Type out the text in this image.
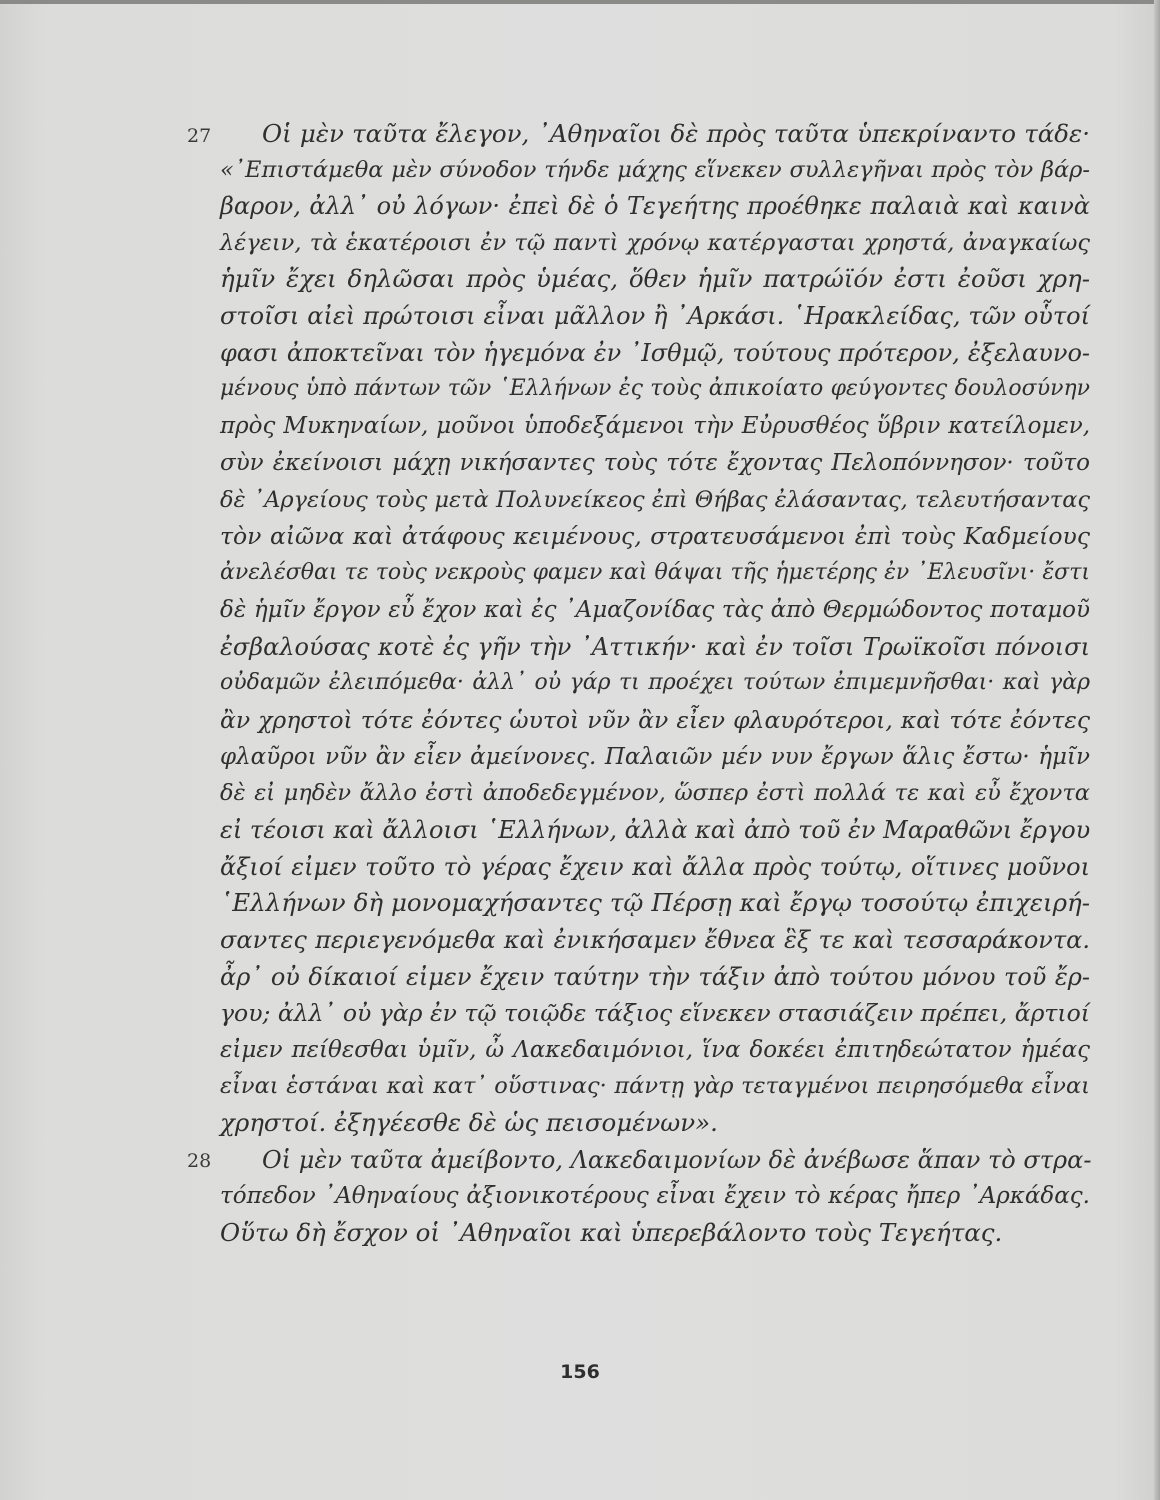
27 Οἱ μὲν ταῦτα ἔλεγον, ᾿Αθηναῖοι δὲ πρὸς ταῦτα ὑπεκρίναντο τάδε·
«᾿Επιστάμεθα μὲν σύνοδον τήνδε μάχης εἵνεκεν συλλεγῆναι πρὸς τὸν βάρ-
βαρον, ἀλλ᾿ οὐ λόγων· ἐπεὶ δὲ ὁ Τεγεήτης προέθηκε παλαιὰ καὶ καινὰ
λέγειν, τὰ ἑκατέροισι ἐν τῷ παντὶ χρόνῳ κατέργασται χρηστά, ἀναγκαίως
ἡμῖν ἔχει δηλῶσαι πρὸς ὑμέας, ὅθεν ἡμῖν πατρώϊόν ἐστι ἐοῦσι χρη-
στοῖσι αἰεὶ πρώτοισι εἶναι μᾶλλον ἢ ᾿Αρκάσι. ῾Ηρακλείδας, τῶν οὗτοί
φασι ἀποκτεῖναι τὸν ἡγεμόνα ἐν ᾿Ισθμῷ, τούτους πρότερον, ἐξελαυνο-
μένους ὑπὸ πάντων τῶν ῾Ελλήνων ἐς τοὺς ἀπικοίατο φεύγοντες δουλοσύνην
πρὸς Μυκηναίων, μοῦνοι ὑποδεξάμενοι τὴν Εὐρυσθέος ὕβριν κατείλομεν,
σὺν ἐκείνοισι μάχῃ νικήσαντες τοὺς τότε ἔχοντας Πελοπόννησον· τοῦτο
δὲ ᾿Αργείους τοὺς μετὰ Πολυνείκεος ἐπὶ Θήβας ἐλάσαντας, τελευτήσαντας
τὸν αἰῶνα καὶ ἀτάφους κειμένους, στρατευσάμενοι ἐπὶ τοὺς Καδμείους
ἀνελέσθαι τε τοὺς νεκροὺς φαμεν καὶ θάψαι τῆς ἡμετέρης ἐν ᾿Ελευσῖνι· ἔστι
δὲ ἡμῖν ἔργον εὖ ἔχον καὶ ἐς ᾿Αμαζονίδας τὰς ἀπὸ Θερμώδοντος ποταμοῦ
ἐσβαλούσας κοτὲ ἐς γῆν τὴν ᾿Αττικήν· καὶ ἐν τοῖσι Τρωϊκοῖσι πόνοισι
οὐδαμῶν ἐλειπόμεθα· ἀλλ᾿ οὐ γάρ τι προέχει τούτων ἐπιμεμνῆσθαι· καὶ γὰρ
ἂν χρηστοὶ τότε ἐόντες ὡυτοὶ νῦν ἂν εἶεν φλαυρότεροι, καὶ τότε ἐόντες
φλαῦροι νῦν ἂν εἶεν ἀμείνονες. Παλαιῶν μέν νυν ἔργων ἅλις ἔστω· ἡμῖν
δὲ εἰ μηδὲν ἄλλο ἐστὶ ἀποδεδεγμένον, ὥσπερ ἐστὶ πολλά τε καὶ εὖ ἔχοντα
εἰ τέοισι καὶ ἄλλοισι ῾Ελλήνων, ἀλλὰ καὶ ἀπὸ τοῦ ἐν Μαραθῶνι ἔργου
ἄξιοί εἰμεν τοῦτο τὸ γέρας ἔχειν καὶ ἄλλα πρὸς τούτῳ, οἵτινες μοῦνοι
῾Ελλήνων δὴ μονομαχήσαντες τῷ Πέρσῃ καὶ ἔργῳ τοσούτῳ ἐπιχειρή-
σαντες περιεγενόμεθα καὶ ἐνικήσαμεν ἔθνεα ἓξ τε καὶ τεσσαράκοντα.
ἆρ᾿ οὐ δίκαιοί εἰμεν ἔχειν ταύτην τὴν τάξιν ἀπὸ τούτου μόνου τοῦ ἔρ-
γου; ἀλλ᾿ οὐ γὰρ ἐν τῷ τοιῷδε τάξιος εἵνεκεν στασιάζειν πρέπει, ἄρτιοί
εἰμεν πείθεσθαι ὑμῖν, ὦ Λακεδαιμόνιοι, ἵνα δοκέει ἐπιτηδεώτατον ἡμέας
εἶναι ἑστάναι καὶ κατ᾿ οὕστινας· πάντῃ γὰρ τεταγμένοι πειρησόμεθα εἶναι
χρηστοί. ἐξηγέεσθε δὲ ὡς πεισομένων».
28 Οἱ μὲν ταῦτα ἀμείβοντο, Λακεδαιμονίων δὲ ἀνέβωσε ἅπαν τὸ στρα-
τόπεδον ᾿Αθηναίους ἀξιονικοτέρους εἶναι ἔχειν τὸ κέρας ἤπερ ᾿Αρκάδας.
Οὕτω δὴ ἔσχον οἱ ᾿Αθηναῖοι καὶ ὑπερεβάλοντο τοὺς Τεγεήτας.
156
